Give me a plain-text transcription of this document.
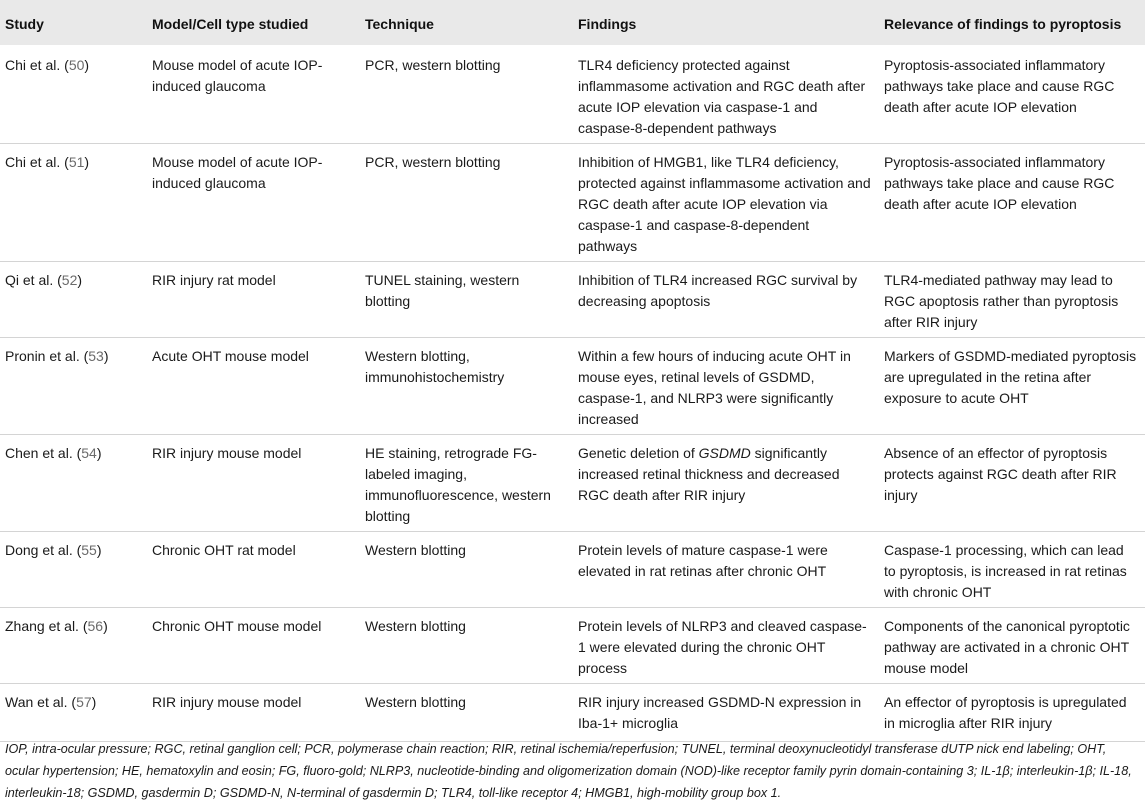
Study	Model/Cell type studied	Technique	Findings	Relevance of findings to pyroptosis
Chi et al. (50)	Mouse model of acute IOP-induced glaucoma	PCR, western blotting	TLR4 deficiency protected against inflammasome activation and RGC death after acute IOP elevation via caspase-1 and caspase-8-dependent pathways	Pyroptosis-associated inflammatory pathways take place and cause RGC death after acute IOP elevation
Chi et al. (51)	Mouse model of acute IOP-induced glaucoma	PCR, western blotting	Inhibition of HMGB1, like TLR4 deficiency, protected against inflammasome activation and RGC death after acute IOP elevation via caspase-1 and caspase-8-dependent pathways	Pyroptosis-associated inflammatory pathways take place and cause RGC death after acute IOP elevation
Qi et al. (52)	RIR injury rat model	TUNEL staining, western blotting	Inhibition of TLR4 increased RGC survival by decreasing apoptosis	TLR4-mediated pathway may lead to RGC apoptosis rather than pyroptosis after RIR injury
Pronin et al. (53)	Acute OHT mouse model	Western blotting, immunohistochemistry	Within a few hours of inducing acute OHT in mouse eyes, retinal levels of GSDMD, caspase-1, and NLRP3 were significantly increased	Markers of GSDMD-mediated pyroptosis are upregulated in the retina after exposure to acute OHT
Chen et al. (54)	RIR injury mouse model	HE staining, retrograde FG-labeled imaging, immunofluorescence, western blotting	Genetic deletion of GSDMD significantly increased retinal thickness and decreased RGC death after RIR injury	Absence of an effector of pyroptosis protects against RGC death after RIR injury
Dong et al. (55)	Chronic OHT rat model	Western blotting	Protein levels of mature caspase-1 were elevated in rat retinas after chronic OHT	Caspase-1 processing, which can lead to pyroptosis, is increased in rat retinas with chronic OHT
Zhang et al. (56)	Chronic OHT mouse model	Western blotting	Protein levels of NLRP3 and cleaved caspase-1 were elevated during the chronic OHT process	Components of the canonical pyroptotic pathway are activated in a chronic OHT mouse model
Wan et al. (57)	RIR injury mouse model	Western blotting	RIR injury increased GSDMD-N expression in Iba-1+ microglia	An effector of pyroptosis is upregulated in microglia after RIR injury
IOP, intra-ocular pressure; RGC, retinal ganglion cell; PCR, polymerase chain reaction; RIR, retinal ischemia/reperfusion; TUNEL, terminal deoxynucleotidyl transferase dUTP nick end labeling; OHT, ocular hypertension; HE, hematoxylin and eosin; FG, fluoro-gold; NLRP3, nucleotide-binding and oligomerization domain (NOD)-like receptor family pyrin domain-containing 3; IL-1β; interleukin-1β; IL-18, interleukin-18; GSDMD, gasdermin D; GSDMD-N, N-terminal of gasdermin D; TLR4, toll-like receptor 4; HMGB1, high-mobility group box 1.
